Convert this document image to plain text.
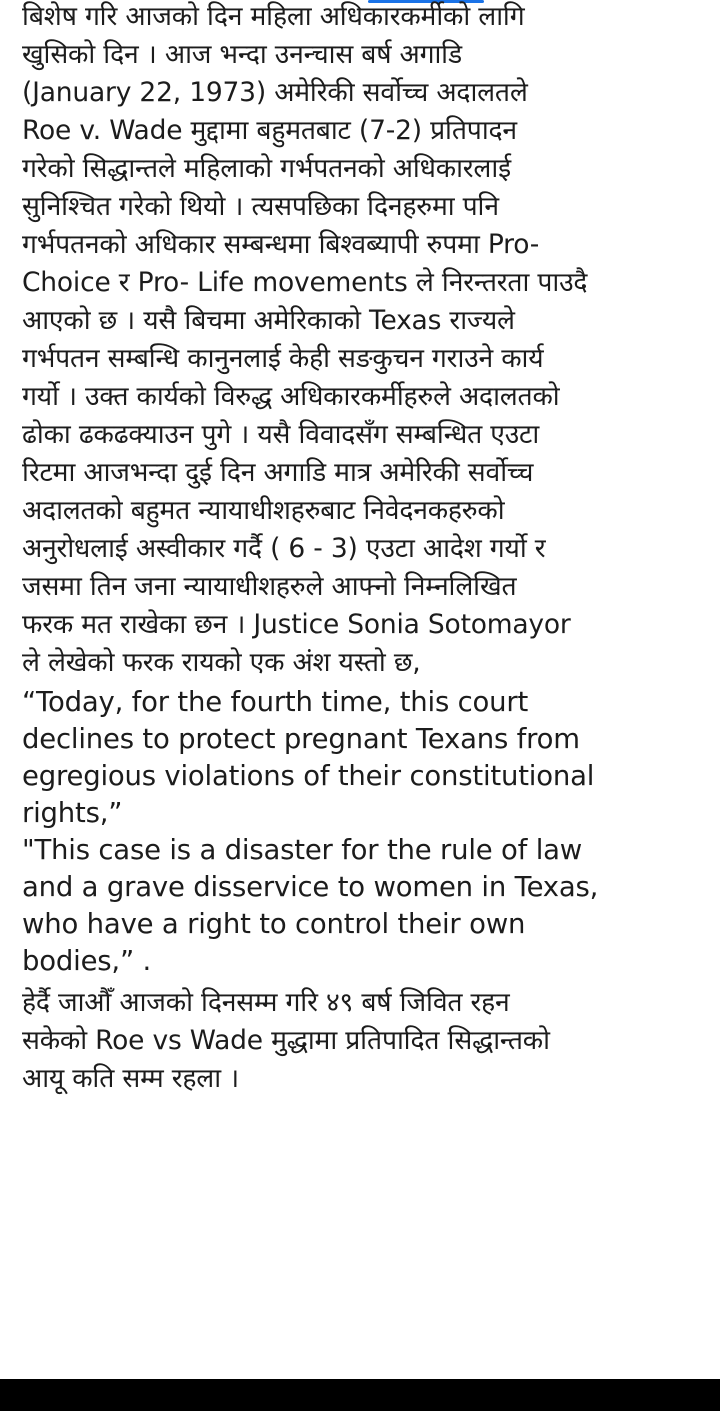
बिशेष गरि आजको दिन महिला अधिकारकर्मीको लागि
खुसिको दिन । आज भन्दा उनन्चास बर्ष अगाडि
(January 22, 1973) अमेरिकी सर्वोच्च अदालतले
Roe v. Wade मुद्दामा बहुमतबाट (7-2) प्रतिपादन
गरेको सिद्धान्तले महिलाको गर्भपतनको अधिकारलाई
सुनिश्चित गरेको थियो । त्यसपछिका दिनहरुमा पनि
गर्भपतनको अधिकार सम्बन्धमा बिश्वब्यापी रुपमा Pro-
Choice र Pro- Life movements ले निरन्तरता पाउदै
आएको छ । यसै बिचमा अमेरिकाको Texas राज्यले
गर्भपतन सम्बन्धि कानुनलाई केही सङकुचन गराउने कार्य
गर्यो । उक्त कार्यको विरुद्ध अधिकारकर्मीहरुले अदालतको
ढोका ढकढक्याउन पुगे । यसै विवादसँग सम्बन्धित एउटा
रिटमा आजभन्दा दुई दिन अगाडि मात्र अमेरिकी सर्वोच्च
अदालतको बहुमत न्यायाधीशहरुबाट निवेदनकहरुको
अनुरोधलाई अस्वीकार गर्दै ( 6 - 3) एउटा आदेश गर्यो र
जसमा तिन जना न्यायाधीशहरुले आफ्नो निम्नलिखित
फरक मत राखेका छन । Justice Sonia Sotomayor
ले लेखेको फरक रायको एक अंश यस्तो छ,
“Today, for the fourth time, this court
declines to protect pregnant Texans from
egregious violations of their constitutional
rights,”
"This case is a disaster for the rule of law
and a grave disservice to women in Texas,
who have a right to control their own
bodies,” .
हेर्दै जाऔँ आजको दिनसम्म गरि ४९ बर्ष जिवित रहन
सकेको Roe vs Wade मुद्धामा प्रतिपादित सिद्धान्तको
आयू कति सम्म रहला ।
